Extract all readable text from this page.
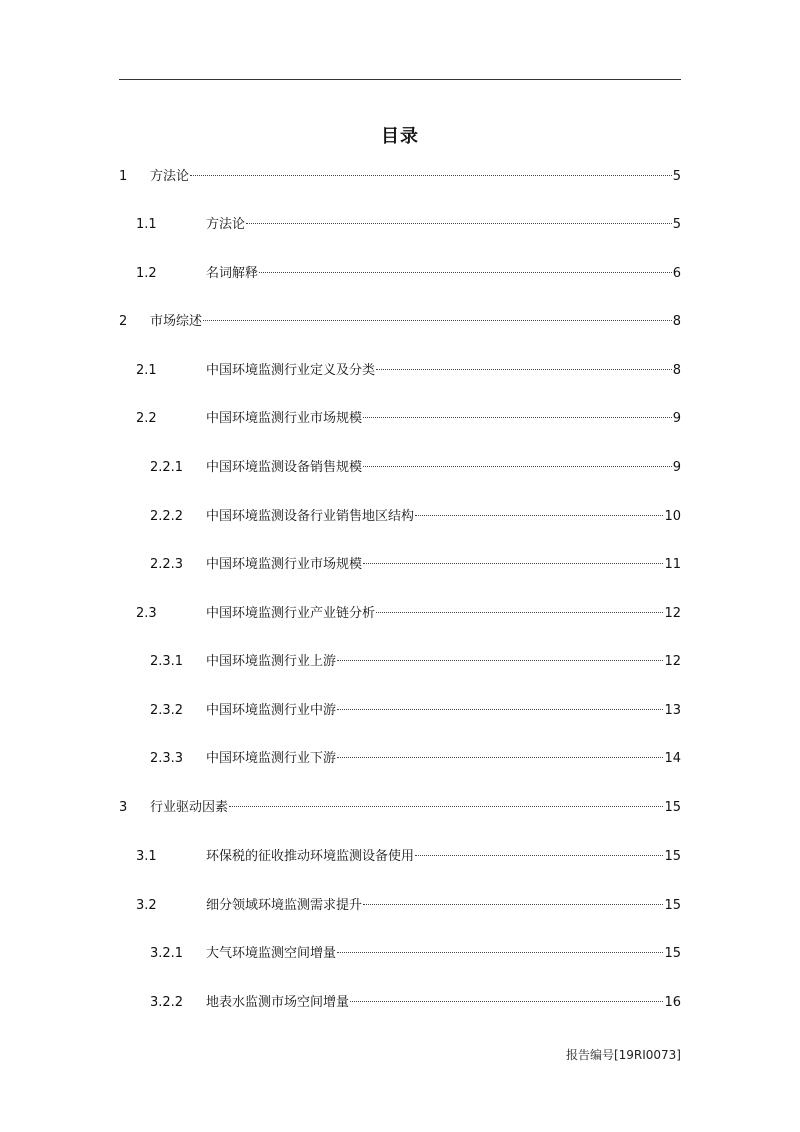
目录
1	方法论	5
1.1	方法论	5
1.2	名词解释	6
2	市场综述	8
2.1	中国环境监测行业定义及分类	8
2.2	中国环境监测行业市场规模	9
2.2.1	中国环境监测设备销售规模	9
2.2.2	中国环境监测设备行业销售地区结构	10
2.2.3	中国环境监测行业市场规模	11
2.3	中国环境监测行业产业链分析	12
2.3.1	中国环境监测行业上游	12
2.3.2	中国环境监测行业中游	13
2.3.3	中国环境监测行业下游	14
3	行业驱动因素	15
3.1	环保税的征收推动环境监测设备使用	15
3.2	细分领域环境监测需求提升	15
3.2.1	大气环境监测空间增量	15
3.2.2	地表水监测市场空间增量	16
报告编号[19RI0073]
